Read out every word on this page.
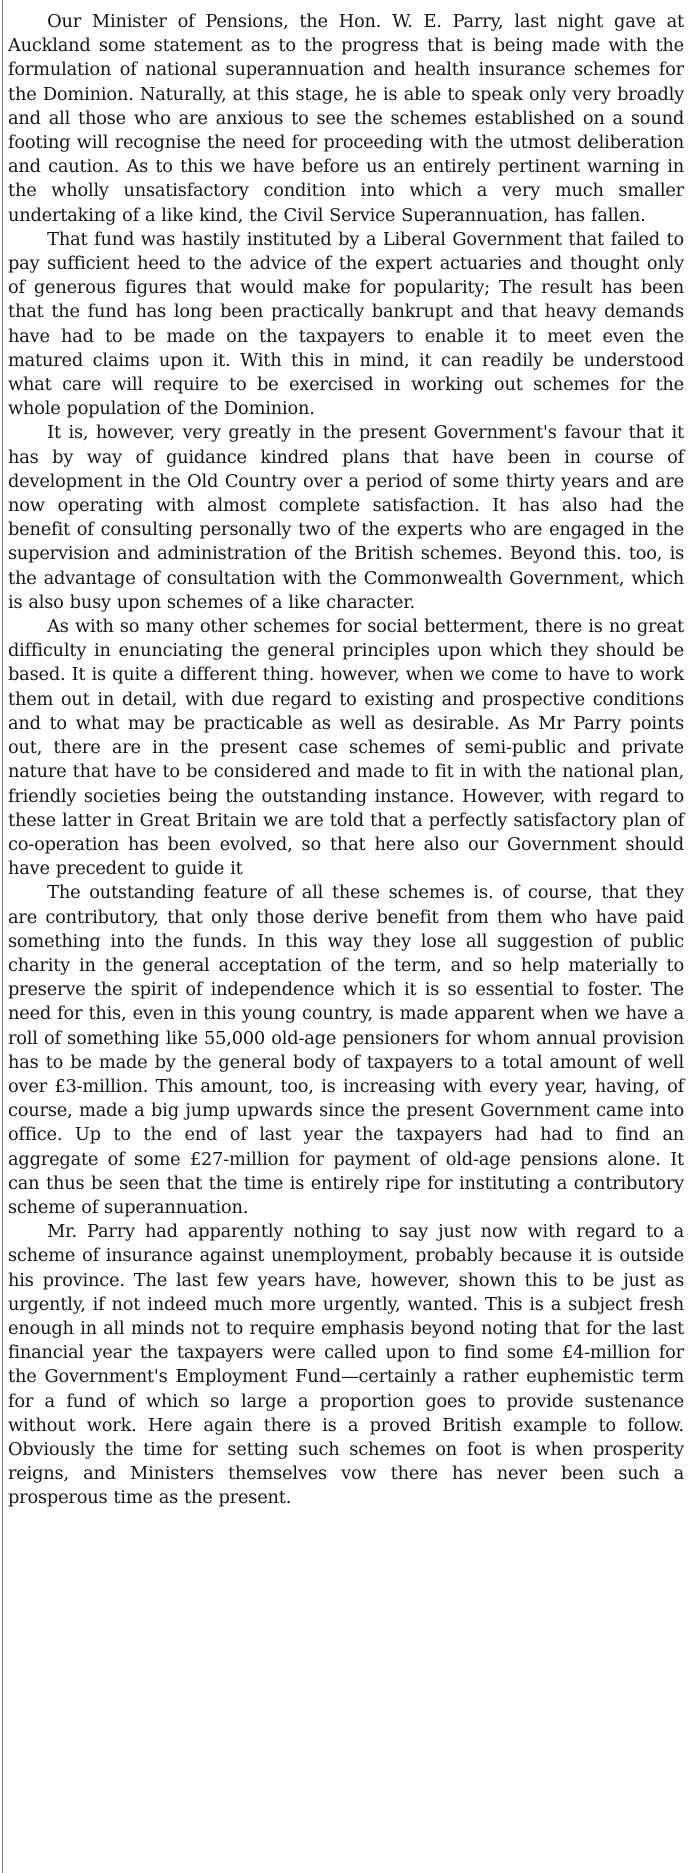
Our Minister of Pensions, the Hon. W. E. Parry, last night gave at Auckland some statement as to the progress that is being made with the formulation of national superannuation and health insurance schemes for the Dominion. Naturally, at this stage, he is able to speak only very broadly and all those who are anxious to see the schemes established on a sound footing will recognise the need for proceeding with the utmost deliberation and caution. As to this we have before us an entirely pertinent warning in the wholly unsatisfactory condition into which a very much smaller undertaking of a like kind, the Civil Service Superannuation, has fallen.

That fund was hastily instituted by a Liberal Government that failed to pay sufficient heed to the advice of the expert actuaries and thought only of generous figures that would make for popularity; The result has been that the fund has long been practically bankrupt and that heavy demands have had to be made on the taxpayers to enable it to meet even the matured claims upon it. With this in mind, it can readily be understood what care will require to be exercised in working out schemes for the whole population of the Dominion.

It is, however, very greatly in the present Government's favour that it has by way of guidance kindred plans that have been in course of development in the Old Country over a period of some thirty years and are now operating with almost complete satisfaction. It has also had the benefit of consulting personally two of the experts who are engaged in the supervision and administration of the British schemes. Beyond this. too, is the advantage of consultation with the Commonwealth Government, which is also busy upon schemes of a like character.

As with so many other schemes for social betterment, there is no great difficulty in enunciating the general principles upon which they should be based. It is quite a different thing. however, when we come to have to work them out in detail, with due regard to existing and prospective conditions and to what may be practicable as well as desirable. As Mr Parry points out, there are in the present case schemes of semi-public and private nature that have to be considered and made to fit in with the national plan, friendly societies being the outstanding instance. However, with regard to these latter in Great Britain we are told that a perfectly satisfactory plan of co-operation has been evolved, so that here also our Government should have precedent to guide it

The outstanding feature of all these schemes is. of course, that they are contributory, that only those derive benefit from them who have paid something into the funds. In this way they lose all suggestion of public charity in the general acceptation of the term, and so help materially to preserve the spirit of independence which it is so essential to foster. The need for this, even in this young country, is made apparent when we have a roll of something like 55,000 old-age pensioners for whom annual provision has to be made by the general body of taxpayers to a total amount of well over £3-million. This amount, too, is increasing with every year, having, of course, made a big jump upwards since the present Government came into office. Up to the end of last year the taxpayers had had to find an aggregate of some £27-million for payment of old-age pensions alone. It can thus be seen that the time is entirely ripe for instituting a contributory scheme of superannuation.

Mr. Parry had apparently nothing to say just now with regard to a scheme of insurance against unemployment, probably because it is outside his province. The last few years have, however, shown this to be just as urgently, if not indeed much more urgently, wanted. This is a subject fresh enough in all minds not to require emphasis beyond noting that for the last financial year the taxpayers were called upon to find some £4-million for the Government's Employment Fund—certainly a rather euphemistic term for a fund of which so large a proportion goes to provide sustenance without work. Here again there is a proved British example to follow. Obviously the time for setting such schemes on foot is when prosperity reigns, and Ministers themselves vow there has never been such a prosperous time as the present.
